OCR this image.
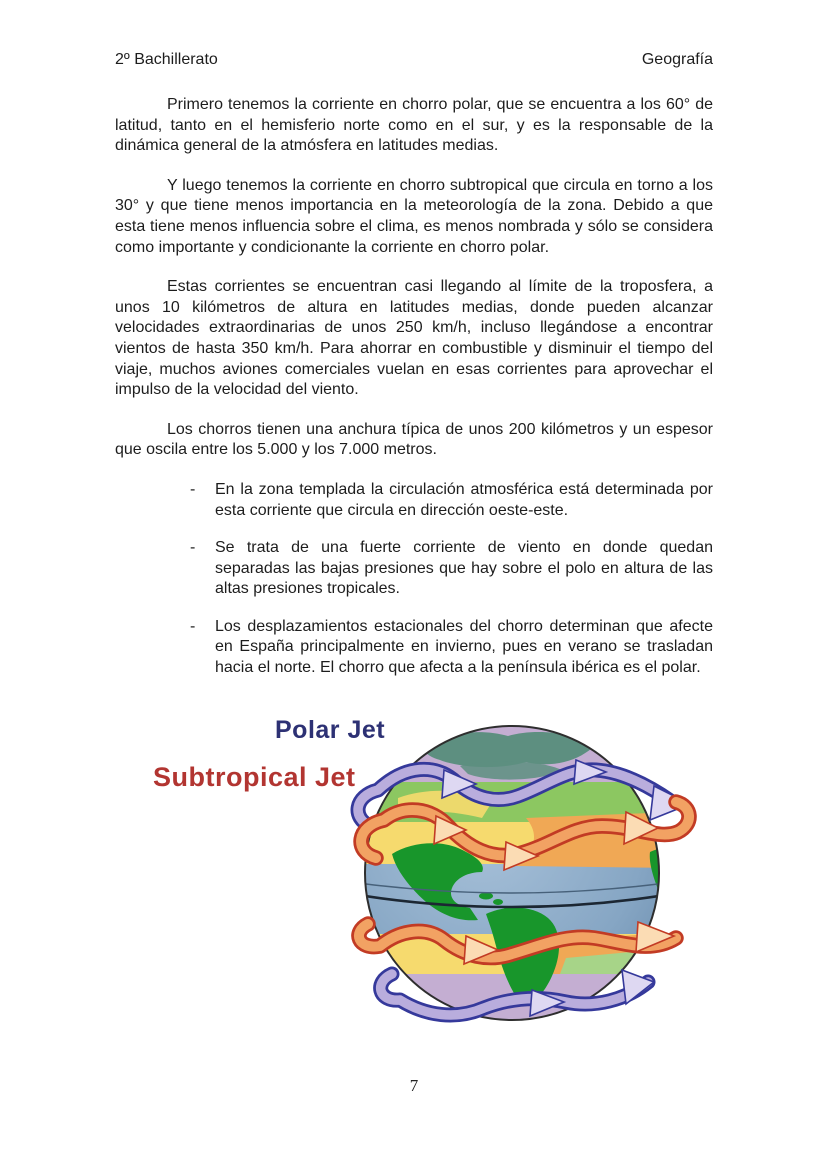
2º Bachillerato	Geografía

Primero tenemos la corriente en chorro polar, que se encuentra a los 60° de latitud, tanto en el hemisferio norte como en el sur, y es la responsable de la dinámica general de la atmósfera en latitudes medias.

Y luego tenemos la corriente en chorro subtropical que circula en torno a los 30° y que tiene menos importancia en la meteorología de la zona. Debido a que esta tiene menos influencia sobre el clima, es menos nombrada y sólo se considera como importante y condicionante la corriente en chorro polar.

Estas corrientes se encuentran casi llegando al límite de la troposfera, a unos 10 kilómetros de altura en latitudes medias, donde pueden alcanzar velocidades extraordinarias de unos 250 km/h, incluso llegándose a encontrar vientos de hasta 350 km/h. Para ahorrar en combustible y disminuir el tiempo del viaje, muchos aviones comerciales vuelan en esas corrientes para aprovechar el impulso de la velocidad del viento.

Los chorros tienen una anchura típica de unos 200 kilómetros y un espesor que oscila entre los 5.000 y los 7.000 metros.

- En la zona templada la circulación atmosférica está determinada por esta corriente que circula en dirección oeste-este.
- Se trata de una fuerte corriente de viento en donde quedan separadas las bajas presiones que hay sobre el polo en altura de las altas presiones tropicales.
- Los desplazamientos estacionales del chorro determinan que afecte en España principalmente en invierno, pues en verano se trasladan hacia el norte. El chorro que afecta a la península ibérica es el polar.
Polar Jet
Subtropical Jet
7
